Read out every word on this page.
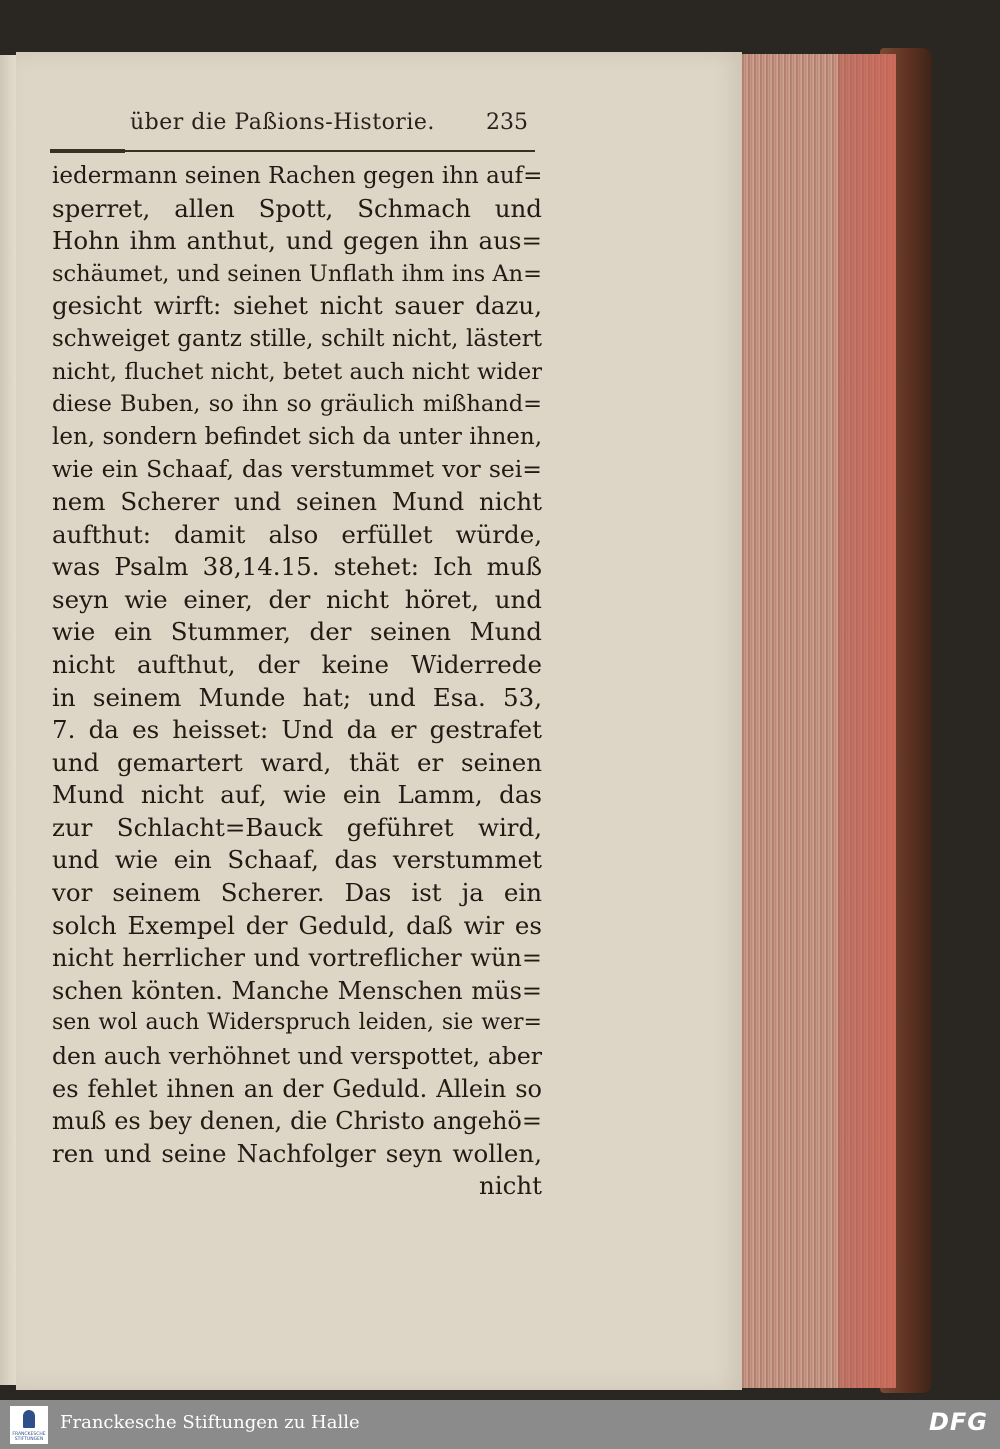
über die Paßions-Historie. 235
iedermann seinen Rachen gegen ihn auf=
sperret, allen Spott, Schmach und
Hohn ihm anthut, und gegen ihn aus=
schäumet, und seinen Unflath ihm ins An=
gesicht wirft: siehet nicht sauer dazu,
schweiget gantz stille, schilt nicht, lästert
nicht, fluchet nicht, betet auch nicht wider
diese Buben, so ihn so gräulich mißhand=
len, sondern befindet sich da unter ihnen,
wie ein Schaaf, das verstummet vor sei=
nem Scherer und seinen Mund nicht
aufthut: damit also erfüllet würde,
was Psalm 38,14.15. stehet: Ich muß
seyn wie einer, der nicht höret, und
wie ein Stummer, der seinen Mund
nicht aufthut, der keine Widerrede
in seinem Munde hat; und Esa. 53,
7. da es heisset: Und da er gestrafet
und gemartert ward, thät er seinen
Mund nicht auf, wie ein Lamm, das
zur Schlacht=Bauck geführet wird,
und wie ein Schaaf, das verstummet
vor seinem Scherer. Das ist ja ein
solch Exempel der Geduld, daß wir es
nicht herrlicher und vortreflicher wün=
schen könten. Manche Menschen müs=
sen wol auch Widerspruch leiden, sie wer=
den auch verhöhnet und verspottet, aber
es fehlet ihnen an der Geduld. Allein so
muß es bey denen, die Christo angehö=
ren und seine Nachfolger seyn wollen,
nicht
FRANCKESCHE STIFTUNGEN
Franckesche Stiftungen zu Halle	DFG
